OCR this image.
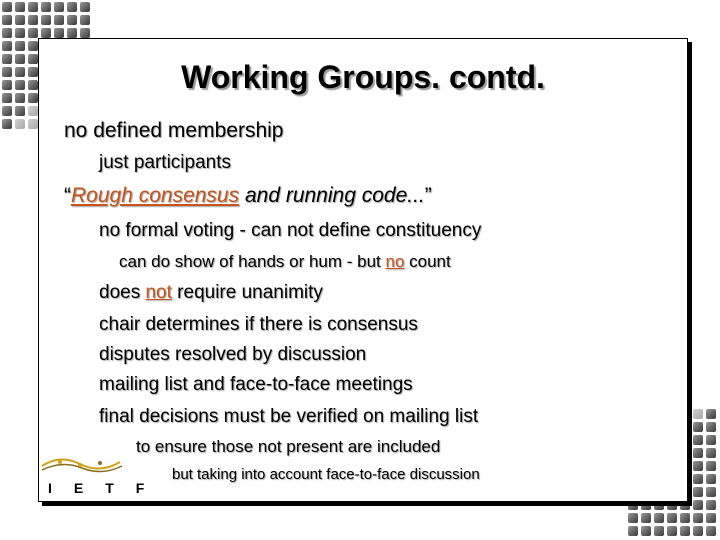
Working Groups. contd.
no defined membership
just participants
“Rough consensus and running code...”
no formal voting - can not define constituency
can do show of hands or hum - but no count
does not require unanimity
chair determines if there is consensus
disputes resolved by discussion
mailing list and face-to-face meetings
final decisions must be verified on mailing list
to ensure those not present are included
but taking into account face-to-face discussion
IETF
